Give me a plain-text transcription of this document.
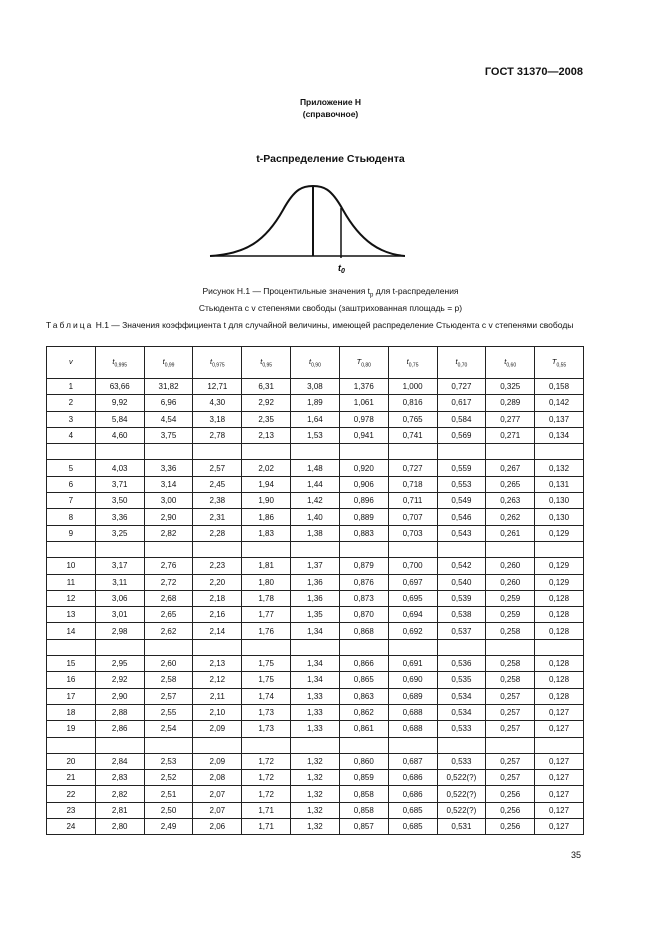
ГОСТ 31370—2008
Приложение Н
(справочное)
t-Распределение Стьюдента
$t_0$
Рисунок Н.1 — Процентильные значения $t_p$ для t-распределения
Стьюдента с v степенями свободы (заштрихованная площадь = p)
Таблица Н.1 — Значения коэффициента t для случайной величины, имеющей распределение Стьюдента с v степенями свободы
v	$t_{0,995}$	$t_{0,99}$	$t_{0,975}$	$t_{0,95}$	$t_{0,90}$	$T_{0,80}$	$t_{0,75}$	$t_{0,70}$	$t_{0,60}$	$T_{0,55}$
1	63,66	31,82	12,71	6,31	3,08	1,376	1,000	0,727	0,325	0,158
2	9,92	6,96	4,30	2,92	1,89	1,061	0,816	0,617	0,289	0,142
3	5,84	4,54	3,18	2,35	1,64	0,978	0,765	0,584	0,277	0,137
4	4,60	3,75	2,78	2,13	1,53	0,941	0,741	0,569	0,271	0,134

5	4,03	3,36	2,57	2,02	1,48	0,920	0,727	0,559	0,267	0,132
6	3,71	3,14	2,45	1,94	1,44	0,906	0,718	0,553	0,265	0,131
7	3,50	3,00	2,38	1,90	1,42	0,896	0,711	0,549	0,263	0,130
8	3,36	2,90	2,31	1,86	1,40	0,889	0,707	0,546	0,262	0,130
9	3,25	2,82	2,28	1,83	1,38	0,883	0,703	0,543	0,261	0,129

10	3,17	2,76	2,23	1,81	1,37	0,879	0,700	0,542	0,260	0,129
11	3,11	2,72	2,20	1,80	1,36	0,876	0,697	0,540	0,260	0,129
12	3,06	2,68	2,18	1,78	1,36	0,873	0,695	0,539	0,259	0,128
13	3,01	2,65	2,16	1,77	1,35	0,870	0,694	0,538	0,259	0,128
14	2,98	2,62	2,14	1,76	1,34	0,868	0,692	0,537	0,258	0,128

15	2,95	2,60	2,13	1,75	1,34	0,866	0,691	0,536	0,258	0,128
16	2,92	2,58	2,12	1,75	1,34	0,865	0,690	0,535	0,258	0,128
17	2,90	2,57	2,11	1,74	1,33	0,863	0,689	0,534	0,257	0,128
18	2,88	2,55	2,10	1,73	1,33	0,862	0,688	0,534	0,257	0,127
19	2,86	2,54	2,09	1,73	1,33	0,861	0,688	0,533	0,257	0,127

20	2,84	2,53	2,09	1,72	1,32	0,860	0,687	0,533	0,257	0,127
21	2,83	2,52	2,08	1,72	1,32	0,859	0,686	0,522(?)	0,257	0,127
22	2,82	2,51	2,07	1,72	1,32	0,858	0,686	0,522(?)	0,256	0,127
23	2,81	2,50	2,07	1,71	1,32	0,858	0,685	0,522(?)	0,256	0,127
24	2,80	2,49	2,06	1,71	1,32	0,857	0,685	0,531	0,256	0,127
35
